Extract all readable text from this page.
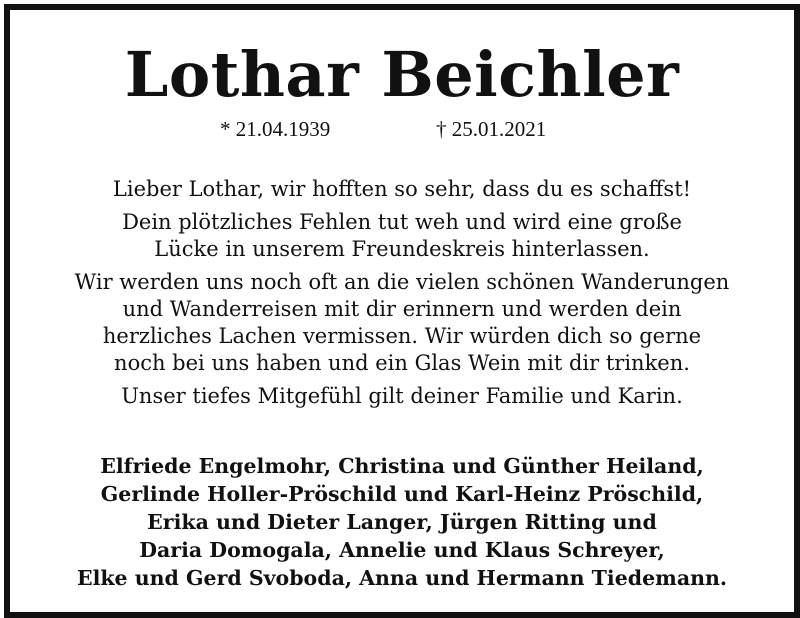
Lothar Beichler
* 21.04.1939	† 25.01.2021

Lieber Lothar, wir hofften so sehr, dass du es schaffst!

Dein plötzliches Fehlen tut weh und wird eine große
Lücke in unserem Freundeskreis hinterlassen.

Wir werden uns noch oft an die vielen schönen Wanderungen
und Wanderreisen mit dir erinnern und werden dein
herzliches Lachen vermissen. Wir würden dich so gerne
noch bei uns haben und ein Glas Wein mit dir trinken.

Unser tiefes Mitgefühl gilt deiner Familie und Karin.

Elfriede Engelmohr, Christina und Günther Heiland,
Gerlinde Holler-Pröschild und Karl-Heinz Pröschild,
Erika und Dieter Langer, Jürgen Ritting und
Daria Domogala, Annelie und Klaus Schreyer,
Elke und Gerd Svoboda, Anna und Hermann Tiedemann.
